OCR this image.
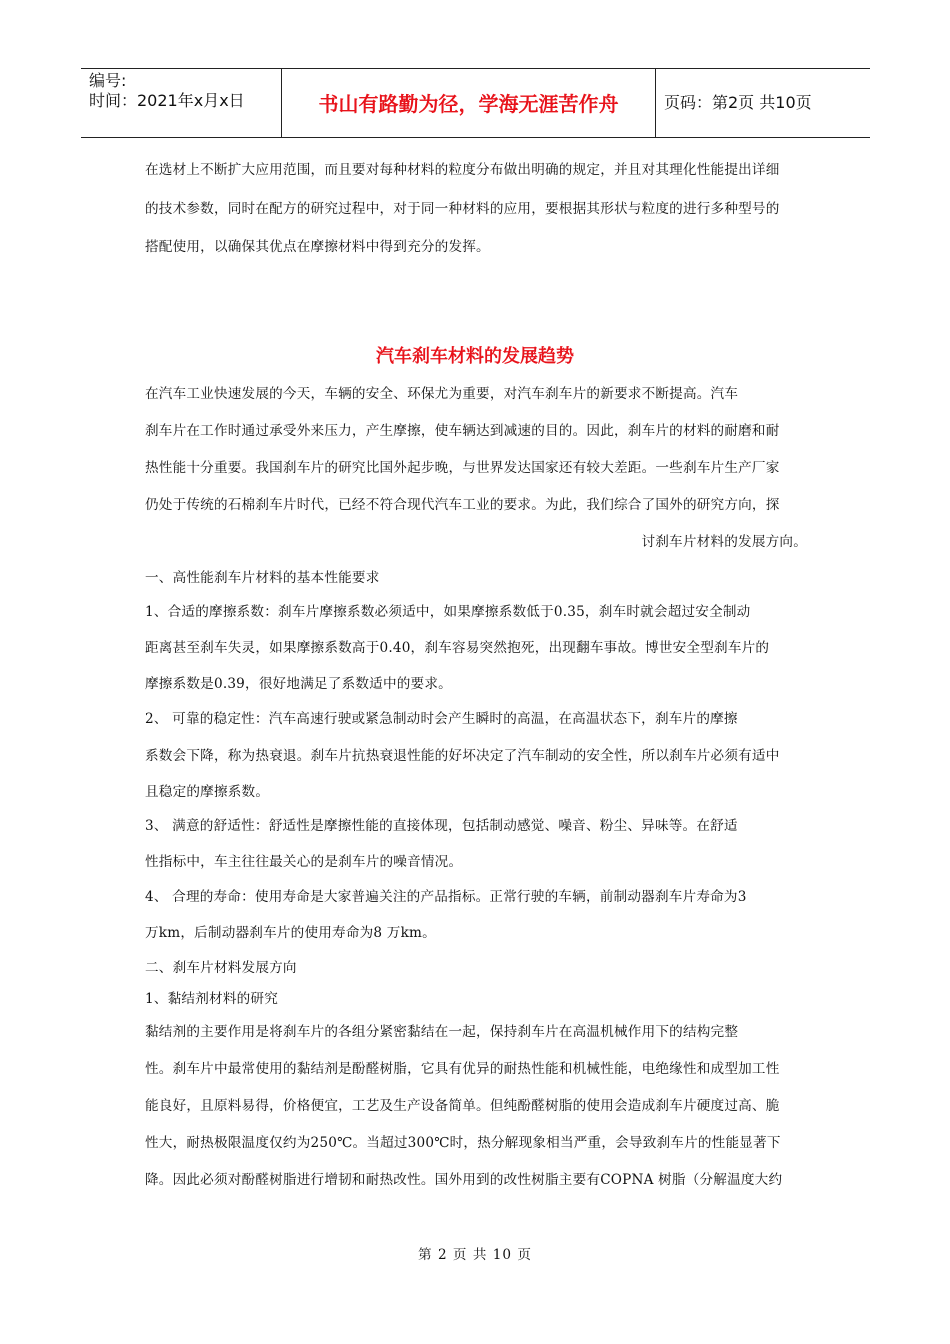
编号:
时间：2021年x月x日	书山有路勤为径，学海无涯苦作舟	页码：第2页 共10页
在选材上不断扩大应用范围，而且要对每种材料的粒度分布做出明确的规定，并且对其理化性能提出详细
的技术参数，同时在配方的研究过程中，对于同一种材料的应用，要根据其形状与粒度的进行多种型号的
搭配使用，以确保其优点在摩擦材料中得到充分的发挥。
汽车刹车材料的发展趋势
在汽车工业快速发展的今天，车辆的安全、环保尤为重要，对汽车刹车片的新要求不断提高。汽车
刹车片在工作时通过承受外来压力，产生摩擦，使车辆达到减速的目的。因此，刹车片的材料的耐磨和耐
热性能十分重要。我国刹车片的研究比国外起步晚，与世界发达国家还有较大差距。一些刹车片生产厂家
仍处于传统的石棉刹车片时代，已经不符合现代汽车工业的要求。为此，我们综合了国外的研究方向，探
讨刹车片材料的发展方向。
一、高性能刹车片材料的基本性能要求
1、合适的摩擦系数：刹车片摩擦系数必须适中，如果摩擦系数低于0.35，刹车时就会超过安全制动
距离甚至刹车失灵，如果摩擦系数高于0.40，刹车容易突然抱死，出现翻车事故。博世安全型刹车片的
摩擦系数是0.39，很好地满足了系数适中的要求。
2、 可靠的稳定性：汽车高速行驶或紧急制动时会产生瞬时的高温，在高温状态下，刹车片的摩擦
系数会下降，称为热衰退。刹车片抗热衰退性能的好坏决定了汽车制动的安全性，所以刹车片必须有适中
且稳定的摩擦系数。
3、 满意的舒适性：舒适性是摩擦性能的直接体现，包括制动感觉、噪音、粉尘、异味等。在舒适
性指标中，车主往往最关心的是刹车片的噪音情况。
4、 合理的寿命：使用寿命是大家普遍关注的产品指标。正常行驶的车辆，前制动器刹车片寿命为3
万km，后制动器刹车片的使用寿命为8 万km。
二、刹车片材料发展方向
1、黏结剂材料的研究
黏结剂的主要作用是将刹车片的各组分紧密黏结在一起，保持刹车片在高温机械作用下的结构完整
性。刹车片中最常使用的黏结剂是酚醛树脂，它具有优异的耐热性能和机械性能，电绝缘性和成型加工性
能良好，且原料易得，价格便宜，工艺及生产设备简单。但纯酚醛树脂的使用会造成刹车片硬度过高、脆
性大，耐热极限温度仅约为250℃。当超过300℃时，热分解现象相当严重，会导致刹车片的性能显著下
降。因此必须对酚醛树脂进行增韧和耐热改性。国外用到的改性树脂主要有COPNA 树脂（分解温度大约
第 2 页 共 10 页
